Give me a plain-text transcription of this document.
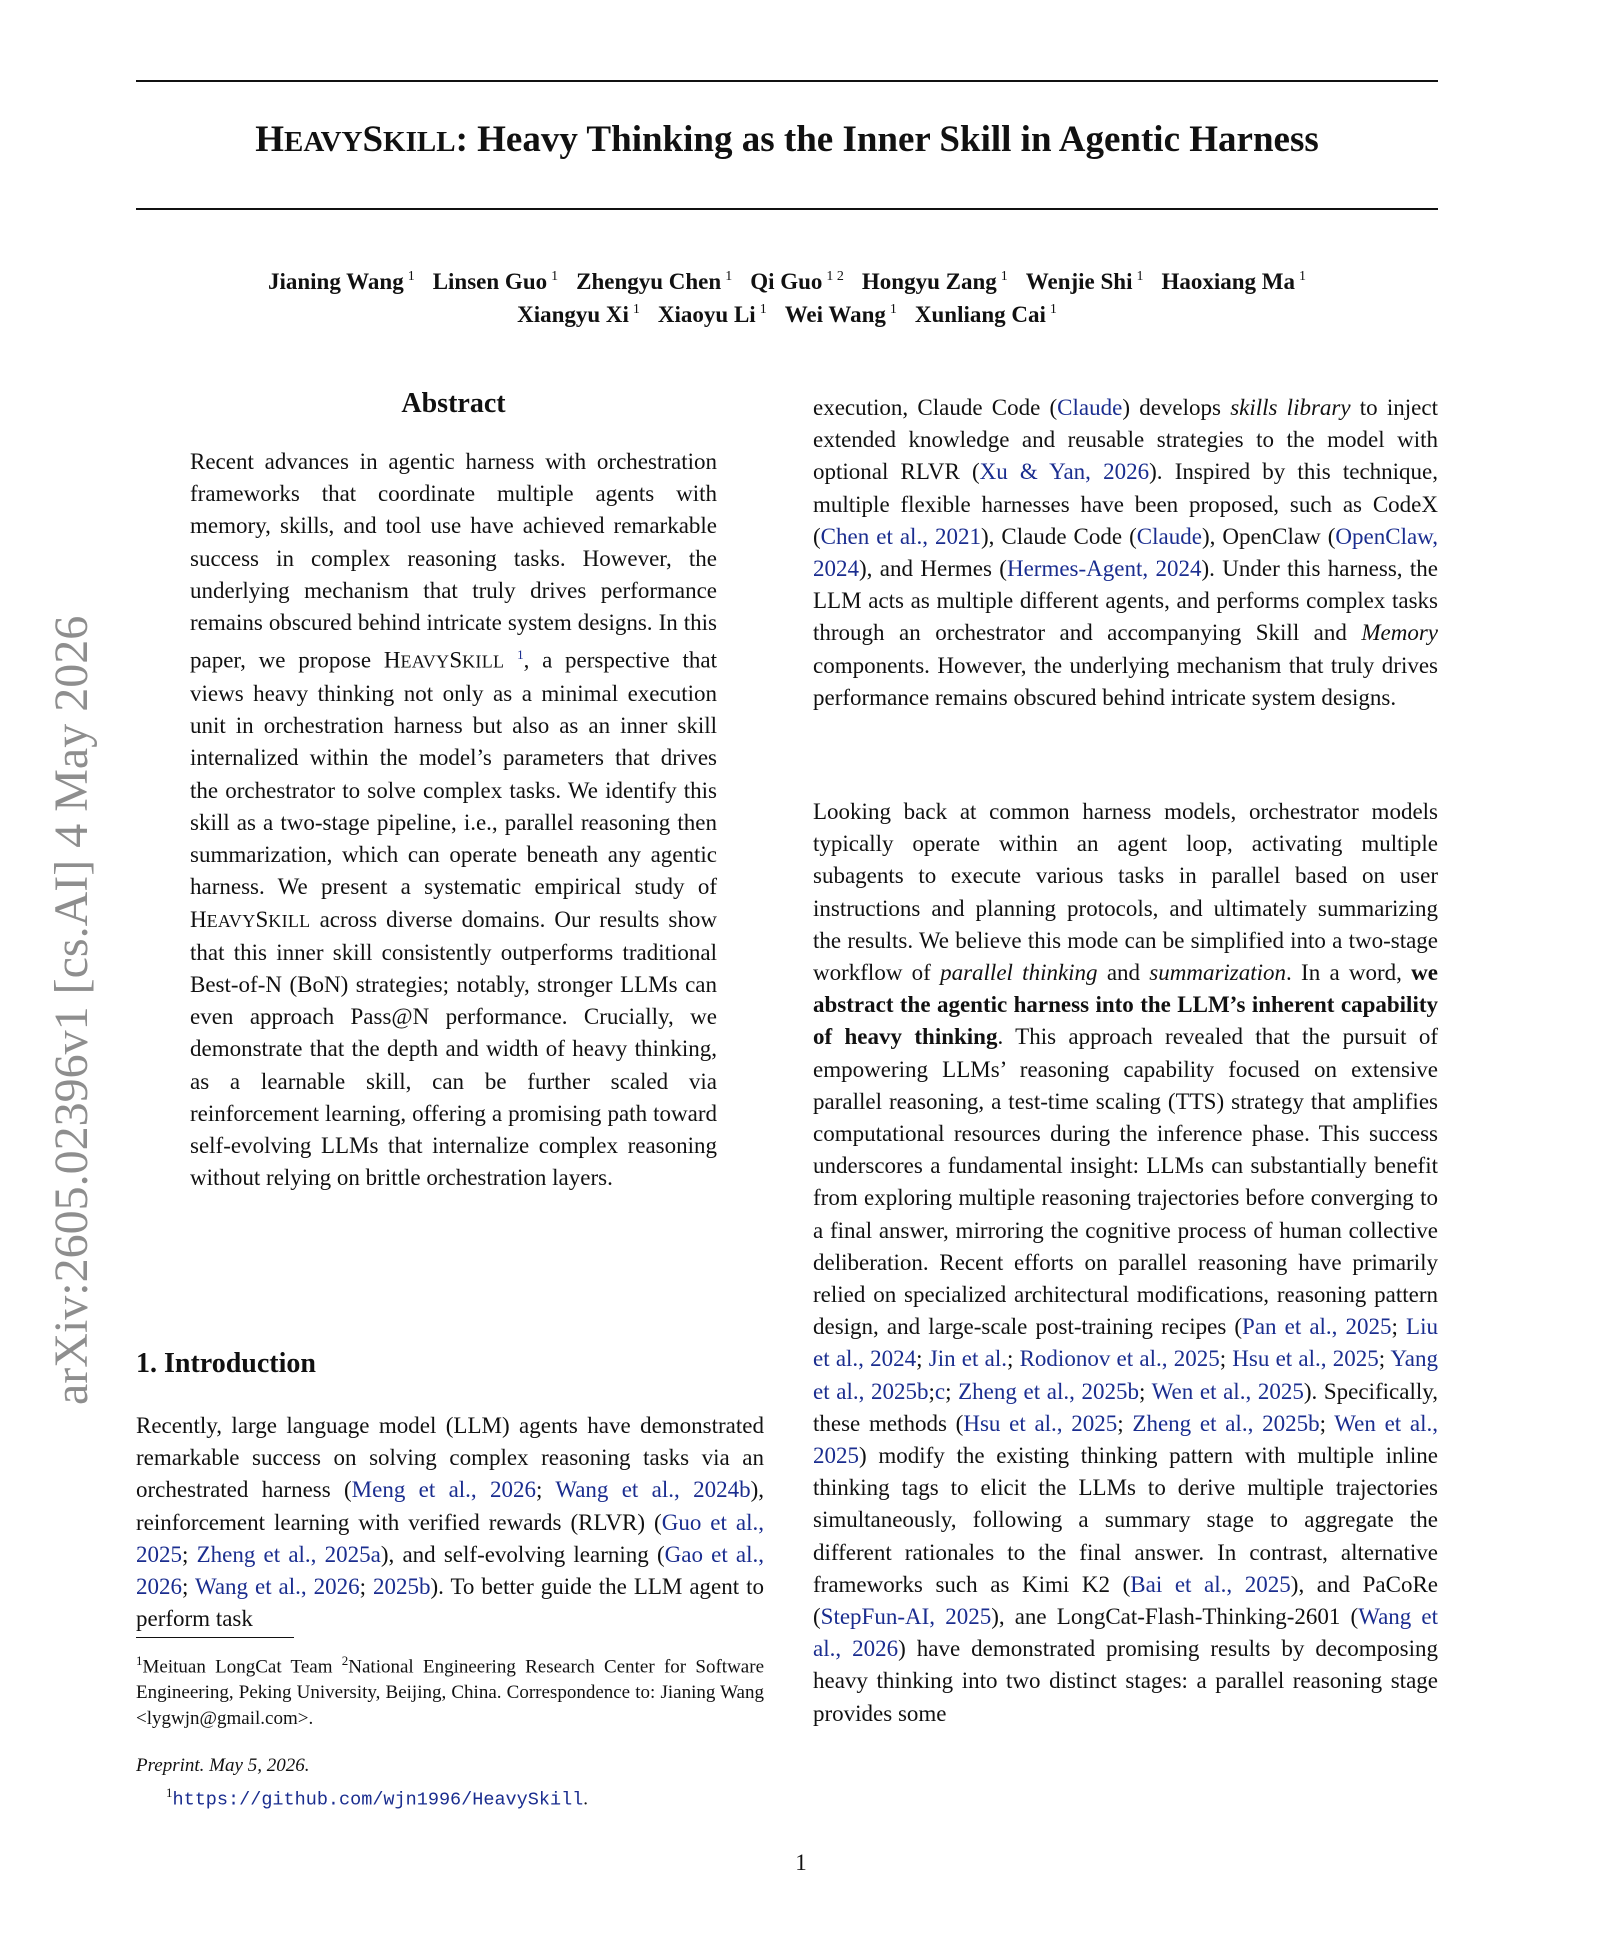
HEAVYSKILL: Heavy Thinking as the Inner Skill in Agentic Harness
Jianing Wang $^1$ Linsen Guo $^1$ Zhengyu Chen $^1$ Qi Guo $^{1 2}$ Hongyu Zang $^1$ Wenjie Shi $^1$ Haoxiang Ma $^1$
Xiangyu Xi $^1$ Xiaoyu Li $^1$ Wei Wang $^1$ Xunliang Cai $^1$
arXiv:2605.02396v1 [cs.AI] 4 May 2026
Abstract

Recent advances in agentic harness with orchestration frameworks that coordinate multiple agents with memory, skills, and tool use have achieved remarkable success in complex reasoning tasks. However, the underlying mechanism that truly drives performance remains obscured behind intricate system designs. In this paper, we propose HEAVYSKILL $^1$, a perspective that views heavy thinking not only as a minimal execution unit in orchestration harness but also as an inner skill internalized within the model’s parameters that drives the orchestrator to solve complex tasks. We identify this skill as a two-stage pipeline, i.e., parallel reasoning then summarization, which can operate beneath any agentic harness. We present a systematic empirical study of HEAVYSKILL across diverse domains. Our results show that this inner skill consistently outperforms traditional Best-of-N (BoN) strategies; notably, stronger LLMs can even approach Pass@N performance. Crucially, we demonstrate that the depth and width of heavy thinking, as a learnable skill, can be further scaled via reinforcement learning, offering a promising path toward self-evolving LLMs that internalize complex reasoning without relying on brittle orchestration layers.

1. Introduction

Recently, large language model (LLM) agents have demonstrated remarkable success on solving complex reasoning tasks via an orchestrated harness (Meng et al., 2026; Wang et al., 2024b), reinforcement learning with verified rewards (RLVR) (Guo et al., 2025; Zheng et al., 2025a), and self-evolving learning (Gao et al., 2026; Wang et al., 2026; 2025b). To better guide the LLM agent to perform task

$^1$Meituan LongCat Team $^2$National Engineering Research Center for Software Engineering, Peking University, Beijing, China. Correspondence to: Jianing Wang <lygwjn@gmail.com>.

Preprint. May 5, 2026.

$^1$https://github.com/wjn1996/HeavySkill.

execution, Claude Code (Claude) develops skills library to inject extended knowledge and reusable strategies to the model with optional RLVR (Xu & Yan, 2026). Inspired by this technique, multiple flexible harnesses have been proposed, such as CodeX (Chen et al., 2021), Claude Code (Claude), OpenClaw (OpenClaw, 2024), and Hermes (Hermes-Agent, 2024). Under this harness, the LLM acts as multiple different agents, and performs complex tasks through an orchestrator and accompanying Skill and Memory components. However, the underlying mechanism that truly drives performance remains obscured behind intricate system designs.

Looking back at common harness models, orchestrator models typically operate within an agent loop, activating multiple subagents to execute various tasks in parallel based on user instructions and planning protocols, and ultimately summarizing the results. We believe this mode can be simplified into a two-stage workflow of parallel thinking and summarization. In a word, we abstract the agentic harness into the LLM’s inherent capability of heavy thinking. This approach revealed that the pursuit of empowering LLMs’ reasoning capability focused on extensive parallel reasoning, a test-time scaling (TTS) strategy that amplifies computational resources during the inference phase. This success underscores a fundamental insight: LLMs can substantially benefit from exploring multiple reasoning trajectories before converging to a final answer, mirroring the cognitive process of human collective deliberation. Recent efforts on parallel reasoning have primarily relied on specialized architectural modifications, reasoning pattern design, and large-scale post-training recipes (Pan et al., 2025; Liu et al., 2024; Jin et al.; Rodionov et al., 2025; Hsu et al., 2025; Yang et al., 2025b;c; Zheng et al., 2025b; Wen et al., 2025). Specifically, these methods (Hsu et al., 2025; Zheng et al., 2025b; Wen et al., 2025) modify the existing thinking pattern with multiple inline thinking tags to elicit the LLMs to derive multiple trajectories simultaneously, following a summary stage to aggregate the different rationales to the final answer. In contrast, alternative frameworks such as Kimi K2 (Bai et al., 2025), and PaCoRe (StepFun-AI, 2025), ane LongCat-Flash-Thinking-2601 (Wang et al., 2026) have demonstrated promising results by decomposing heavy thinking into two distinct stages: a parallel reasoning stage provides some

1
